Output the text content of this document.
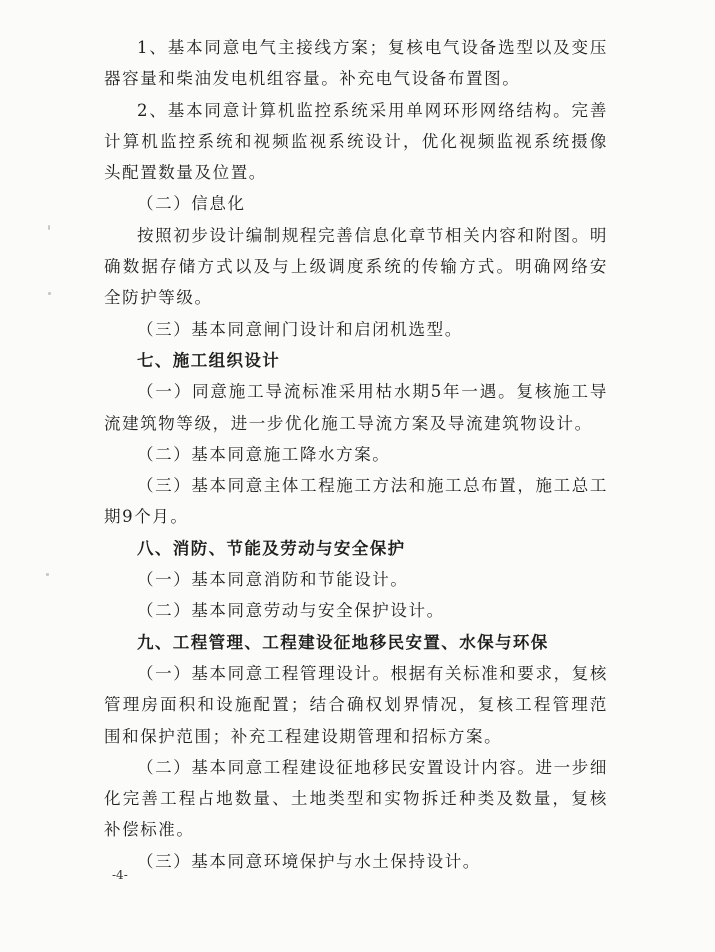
1、基本同意电气主接线方案；复核电气设备选型以及变压器容量和柴油发电机组容量。补充电气设备布置图。

2、基本同意计算机监控系统采用单网环形网络结构。完善计算机监控系统和视频监视系统设计，优化视频监视系统摄像头配置数量及位置。

（二）信息化

按照初步设计编制规程完善信息化章节相关内容和附图。明确数据存储方式以及与上级调度系统的传输方式。明确网络安全防护等级。

（三）基本同意闸门设计和启闭机选型。

七、施工组织设计

（一）同意施工导流标准采用枯水期5年一遇。复核施工导流建筑物等级，进一步优化施工导流方案及导流建筑物设计。

（二）基本同意施工降水方案。

（三）基本同意主体工程施工方法和施工总布置，施工总工期9个月。

八、消防、节能及劳动与安全保护

（一）基本同意消防和节能设计。

（二）基本同意劳动与安全保护设计。

九、工程管理、工程建设征地移民安置、水保与环保

（一）基本同意工程管理设计。根据有关标准和要求，复核管理房面积和设施配置；结合确权划界情况，复核工程管理范围和保护范围；补充工程建设期管理和招标方案。

（二）基本同意工程建设征地移民安置设计内容。进一步细化完善工程占地数量、土地类型和实物拆迁种类及数量，复核补偿标准。

（三）基本同意环境保护与水土保持设计。

-4-
